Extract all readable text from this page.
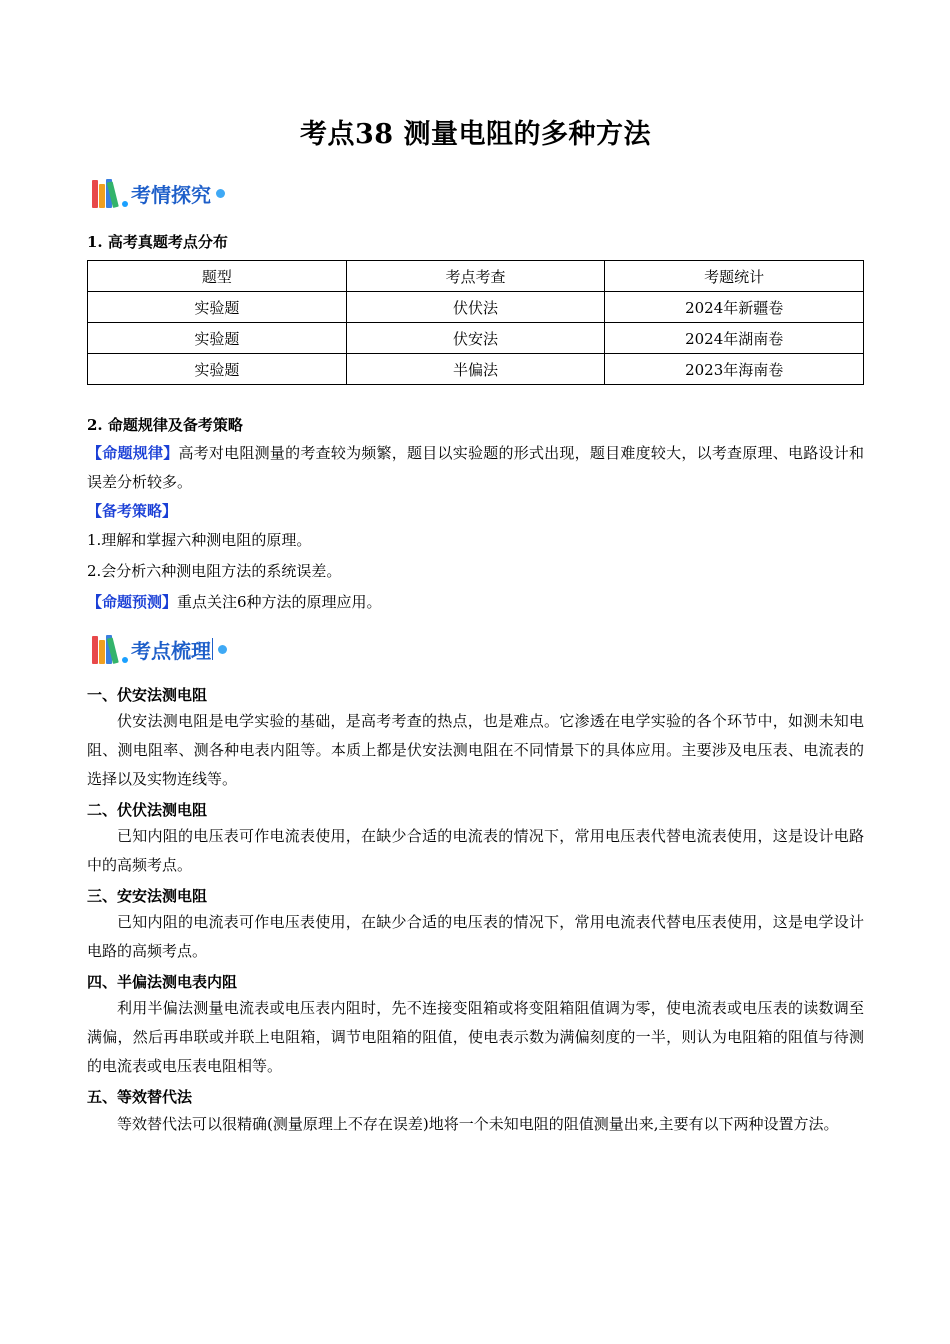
考点38 测量电阻的多种方法
考情探究
1. 高考真题考点分布
题型	考点考查	考题统计
实验题	伏伏法	2024年新疆卷
实验题	伏安法	2024年湖南卷
实验题	半偏法	2023年海南卷
2. 命题规律及备考策略
【命题规律】高考对电阻测量的考查较为频繁，题目以实验题的形式出现，题目难度较大，以考查原理、电路设计和误差分析较多。
【备考策略】
1.理解和掌握六种测电阻的原理。
2.会分析六种测电阻方法的系统误差。
【命题预测】重点关注6种方法的原理应用。
考点梳理
一、伏安法测电阻
伏安法测电阻是电学实验的基础，是高考考查的热点，也是难点。它渗透在电学实验的各个环节中，如测未知电阻、测电阻率、测各种电表内阻等。本质上都是伏安法测电阻在不同情景下的具体应用。主要涉及电压表、电流表的选择以及实物连线等。
二、伏伏法测电阻
已知内阻的电压表可作电流表使用，在缺少合适的电流表的情况下，常用电压表代替电流表使用，这是设计电路中的高频考点。
三、安安法测电阻
已知内阻的电流表可作电压表使用，在缺少合适的电压表的情况下，常用电流表代替电压表使用，这是电学设计电路的高频考点。
四、半偏法测电表内阻
利用半偏法测量电流表或电压表内阻时，先不连接变阻箱或将变阻箱阻值调为零，使电流表或电压表的读数调至满偏，然后再串联或并联上电阻箱，调节电阻箱的阻值，使电表示数为满偏刻度的一半，则认为电阻箱的阻值与待测的电流表或电压表电阻相等。
五、等效替代法
等效替代法可以很精确(测量原理上不存在误差)地将一个未知电阻的阻值测量出来,主要有以下两种设置方法。
